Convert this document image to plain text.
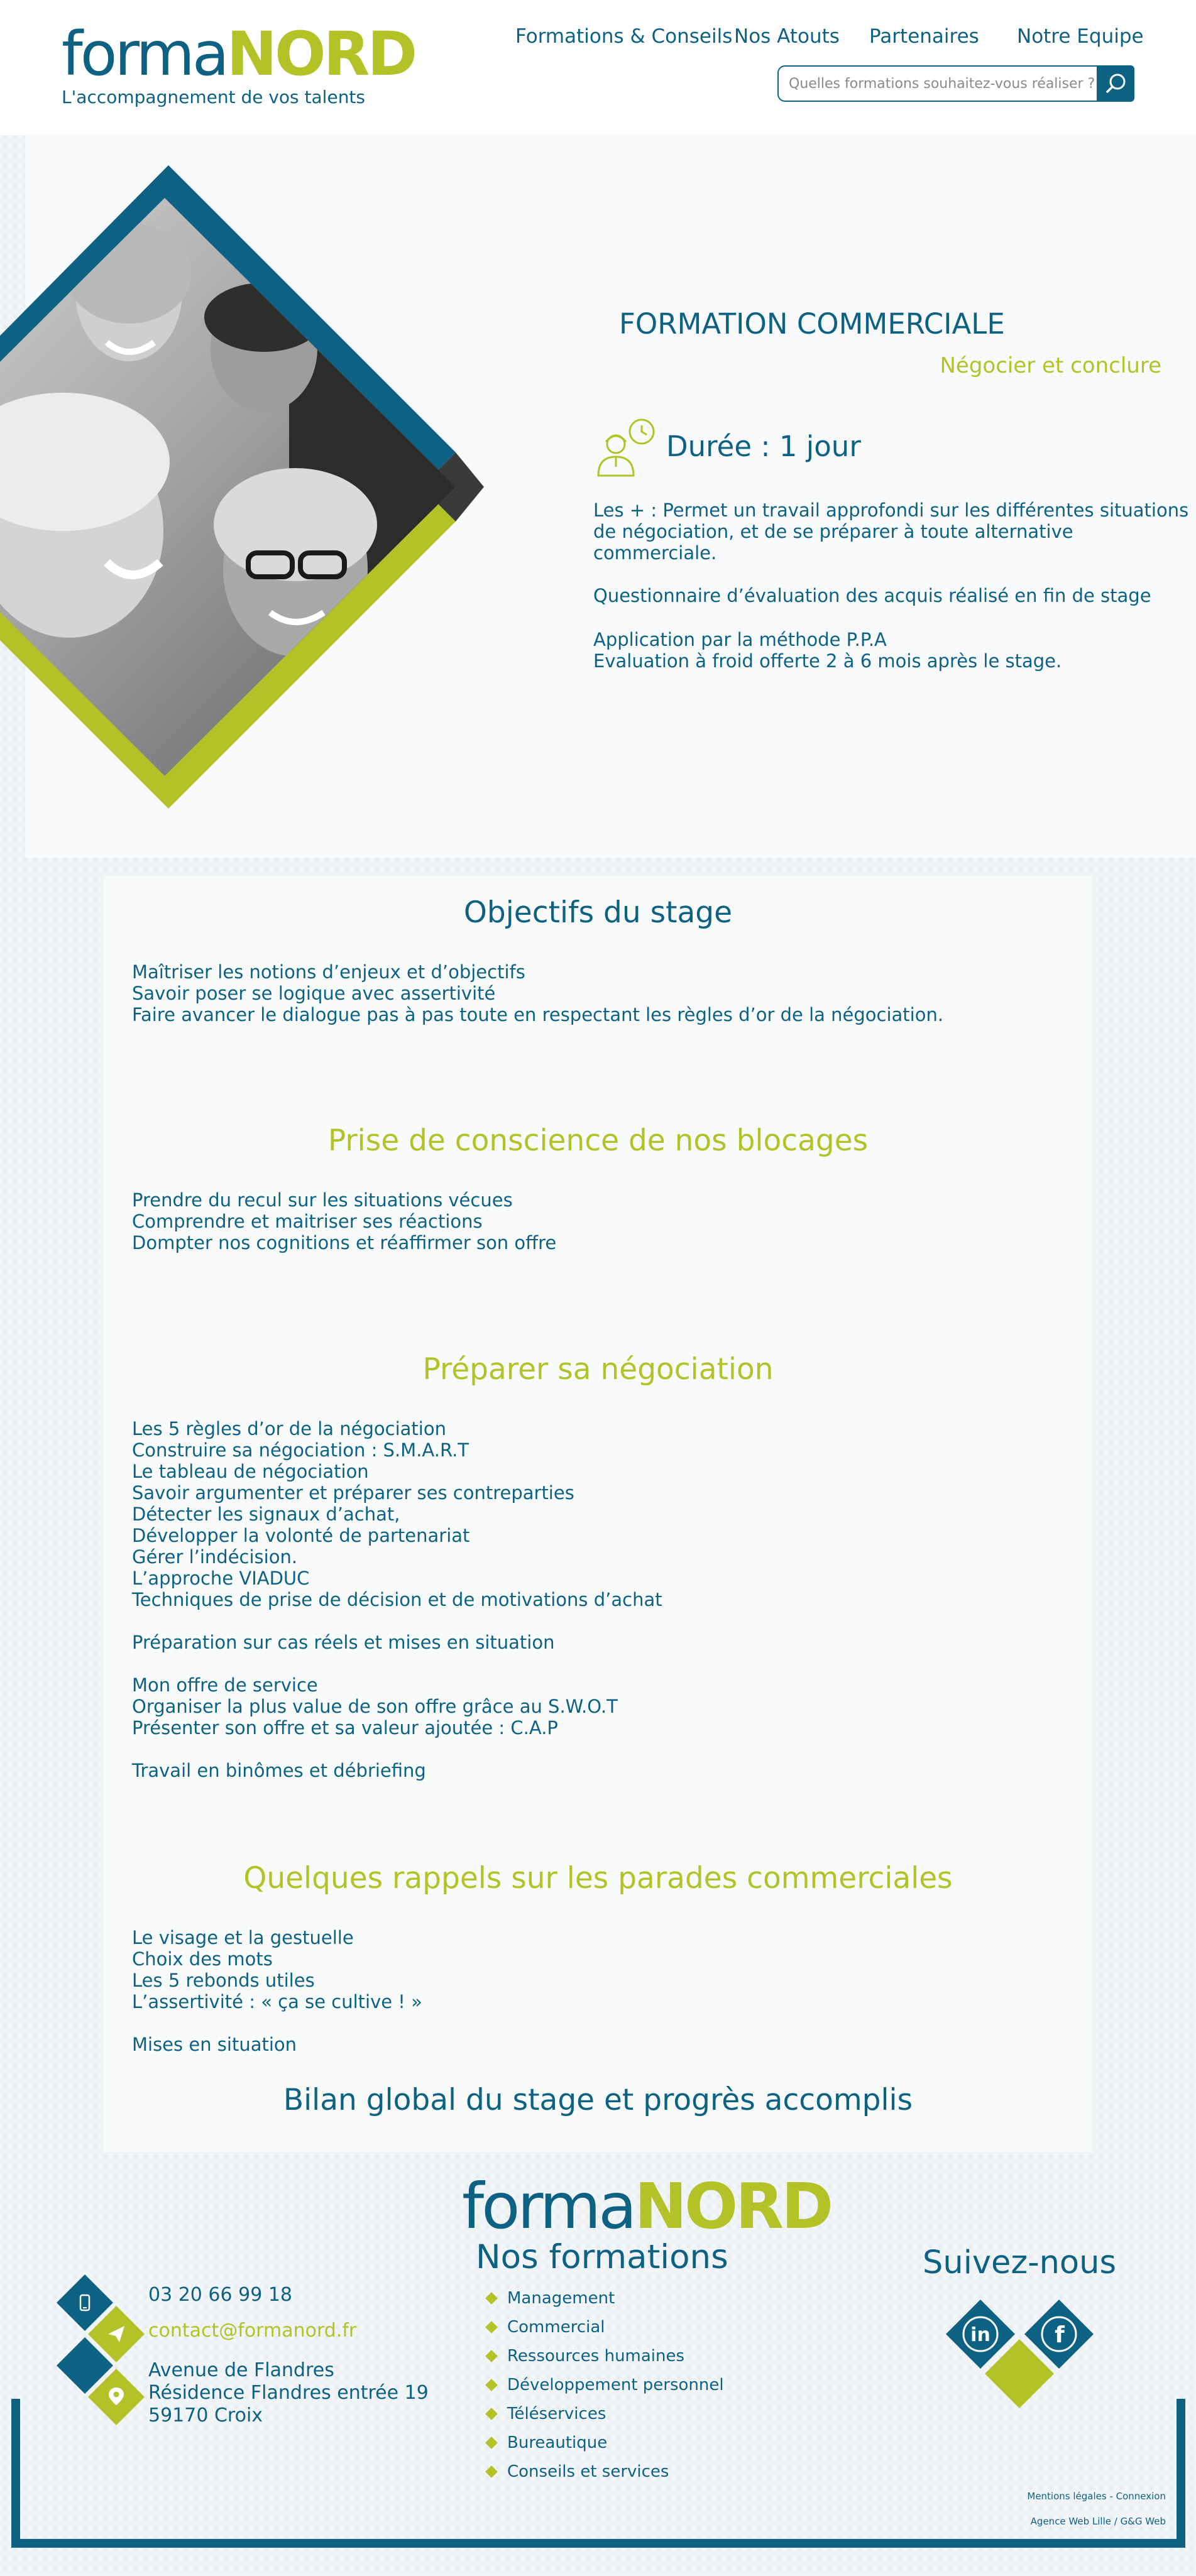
formaNORD
L'accompagnement de vos talents
Formations & Conseils Nos Atouts Partenaires Notre Equipe
Quelles formations souhaitez-vous réaliser ?
FORMATION COMMERCIALE
Négocier et conclure
Durée : 1 jour
Les + : Permet un travail approfondi sur les différentes situations
de négociation, et de se préparer à toute alternative
commerciale.
Questionnaire d’évaluation des acquis réalisé en fin de stage
Application par la méthode P.P.A
Evaluation à froid offerte 2 à 6 mois après le stage.
Objectifs du stage
Maîtriser les notions d’enjeux et d’objectifs
Savoir poser se logique avec assertivité
Faire avancer le dialogue pas à pas toute en respectant les règles d’or de la négociation.
Prise de conscience de nos blocages
Prendre du recul sur les situations vécues
Comprendre et maitriser ses réactions
Dompter nos cognitions et réaffirmer son offre
Préparer sa négociation
Les 5 règles d’or de la négociation
Construire sa négociation : S.M.A.R.T
Le tableau de négociation
Savoir argumenter et préparer ses contreparties
Détecter les signaux d’achat,
Développer la volonté de partenariat
Gérer l’indécision.
L’approche VIADUC
Techniques de prise de décision et de motivations d’achat
Préparation sur cas réels et mises en situation
Mon offre de service
Organiser la plus value de son offre grâce au S.W.O.T
Présenter son offre et sa valeur ajoutée : C.A.P
Travail en binômes et débriefing
Quelques rappels sur les parades commerciales
Le visage et la gestuelle
Choix des mots
Les 5 rebonds utiles
L’assertivité : « ça se cultive ! »
Mises en situation
Bilan global du stage et progrès accomplis
formaNORD
03 20 66 99 18
contact@formanord.fr
Avenue de Flandres
Résidence Flandres entrée 19
59170 Croix
Nos formations
Management
Commercial
Ressources humaines
Développement personnel
Téléservices
Bureautique
Conseils et services
Suivez-nous
in	f
Mentions légales - Connexion
Agence Web Lille / G&G Web
